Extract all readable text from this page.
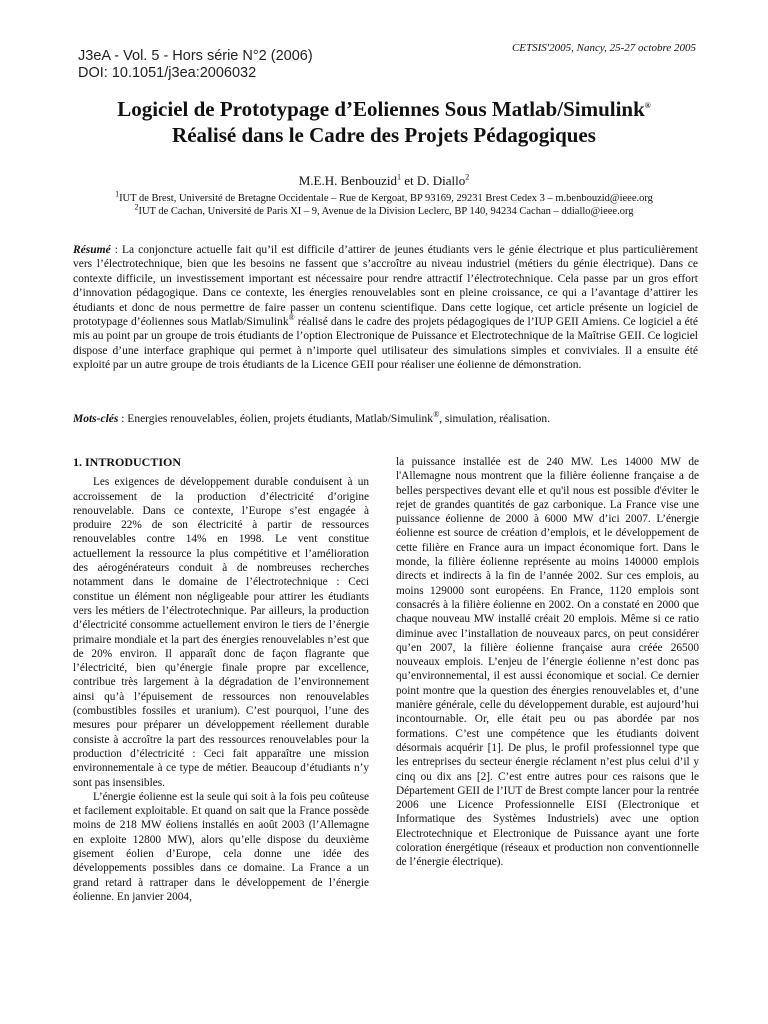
J3eA - Vol. 5 - Hors série N°2 (2006)
DOI: 10.1051/j3ea:2006032
CETSIS'2005, Nancy, 25-27 octobre 2005
Logiciel de Prototypage d’Eoliennes Sous Matlab/Simulink®
Réalisé dans le Cadre des Projets Pédagogiques
M.E.H. Benbouzid$^1$ et D. Diallo$^2$
$^1$IUT de Brest, Université de Bretagne Occidentale – Rue de Kergoat, BP 93169, 29231 Brest Cedex 3 – m.benbouzid@ieee.org
$^2$IUT de Cachan, Université de Paris XI – 9, Avenue de la Division Leclerc, BP 140, 94234 Cachan – ddiallo@ieee.org
Résumé : La conjoncture actuelle fait qu’il est difficile d’attirer de jeunes étudiants vers le génie électrique et plus particulièrement vers l’électrotechnique, bien que les besoins ne fassent que s’accroître au niveau industriel (métiers du génie électrique). Dans ce contexte difficile, un investissement important est nécessaire pour rendre attractif l’électrotechnique. Cela passe par un gros effort d’innovation pédagogique. Dans ce contexte, les énergies renouvelables sont en pleine croissance, ce qui a l’avantage d’attirer les étudiants et donc de nous permettre de faire passer un contenu scientifique. Dans cette logique, cet article présente un logiciel de prototypage d’éoliennes sous Matlab/Simulink® réalisé dans le cadre des projets pédagogiques de l’IUP GEII Amiens. Ce logiciel a été mis au point par un groupe de trois étudiants de l’option Electronique de Puissance et Electrotechnique de la Maîtrise GEII. Ce logiciel dispose d’une interface graphique qui permet à n’importe quel utilisateur des simulations simples et conviviales. Il a ensuite été exploité par un autre groupe de trois étudiants de la Licence GEII pour réaliser une éolienne de démonstration.
Mots-clés : Energies renouvelables, éolien, projets étudiants, Matlab/Simulink®, simulation, réalisation.
1. INTRODUCTION

Les exigences de développement durable conduisent à un accroissement de la production d’électricité d’origine renouvelable. Dans ce contexte, l’Europe s’est engagée à produire 22% de son électricité à partir de ressources renouvelables contre 14% en 1998. Le vent constitue actuellement la ressource la plus compétitive et l’amélioration des aérogénérateurs conduit à de nombreuses recherches notamment dans le domaine de l’électrotechnique : Ceci constitue un élément non négligeable pour attirer les étudiants vers les métiers de l’électrotechnique. Par ailleurs, la production d’électricité consomme actuellement environ le tiers de l’énergie primaire mondiale et la part des énergies renouvelables n’est que de 20% environ. Il apparaît donc de façon flagrante que l’électricité, bien qu’énergie finale propre par excellence, contribue très largement à la dégradation de l’environnement ainsi qu’à l’épuisement de ressources non renouvelables (combustibles fossiles et uranium). C’est pourquoi, l’une des mesures pour préparer un développement réellement durable consiste à accroître la part des ressources renouvelables pour la production d’électricité : Ceci fait apparaître une mission environnementale à ce type de métier. Beaucoup d’étudiants n’y sont pas insensibles.

L’énergie éolienne est la seule qui soit à la fois peu coûteuse et facilement exploitable. Et quand on sait que la France possède moins de 218 MW éoliens installés en août 2003 (l’Allemagne en exploite 12800 MW), alors qu’elle dispose du deuxième gisement éolien d’Europe, cela donne une idée des développements possibles dans ce domaine. La France a un grand retard à rattraper dans le développement de l’énergie éolienne. En janvier 2004,

la puissance installée est de 240 MW. Les 14000 MW de l'Allemagne nous montrent que la filière éolienne française a de belles perspectives devant elle et qu'il nous est possible d'éviter le rejet de grandes quantités de gaz carbonique. La France vise une puissance éolienne de 2000 à 6000 MW d’ici 2007. L’énergie éolienne est source de création d’emplois, et le développement de cette filière en France aura un impact économique fort. Dans le monde, la filière éolienne représente au moins 140000 emplois directs et indirects à la fin de l’année 2002. Sur ces emplois, au moins 129000 sont européens. En France, 1120 emplois sont consacrés à la filière éolienne en 2002. On a constaté en 2000 que chaque nouveau MW installé créait 20 emplois. Même si ce ratio diminue avec l’installation de nouveaux parcs, on peut considérer qu’en 2007, la filière éolienne française aura créée 26500 nouveaux emplois. L’enjeu de l’énergie éolienne n’est donc pas qu’environnemental, il est aussi économique et social. Ce dernier point montre que la question des énergies renouvelables et, d’une manière générale, celle du développement durable, est aujourd’hui incontournable. Or, elle était peu ou pas abordée par nos formations. C’est une compétence que les étudiants doivent désormais acquérir [1]. De plus, le profil professionnel type que les entreprises du secteur énergie réclament n’est plus celui d’il y cinq ou dix ans [2]. C’est entre autres pour ces raisons que le Département GEII de l’IUT de Brest compte lancer pour la rentrée 2006 une Licence Professionnelle EISI (Electronique et Informatique des Systèmes Industriels) avec une option Electrotechnique et Electronique de Puissance ayant une forte coloration énergétique (réseaux et production non conventionnelle de l’énergie électrique).
